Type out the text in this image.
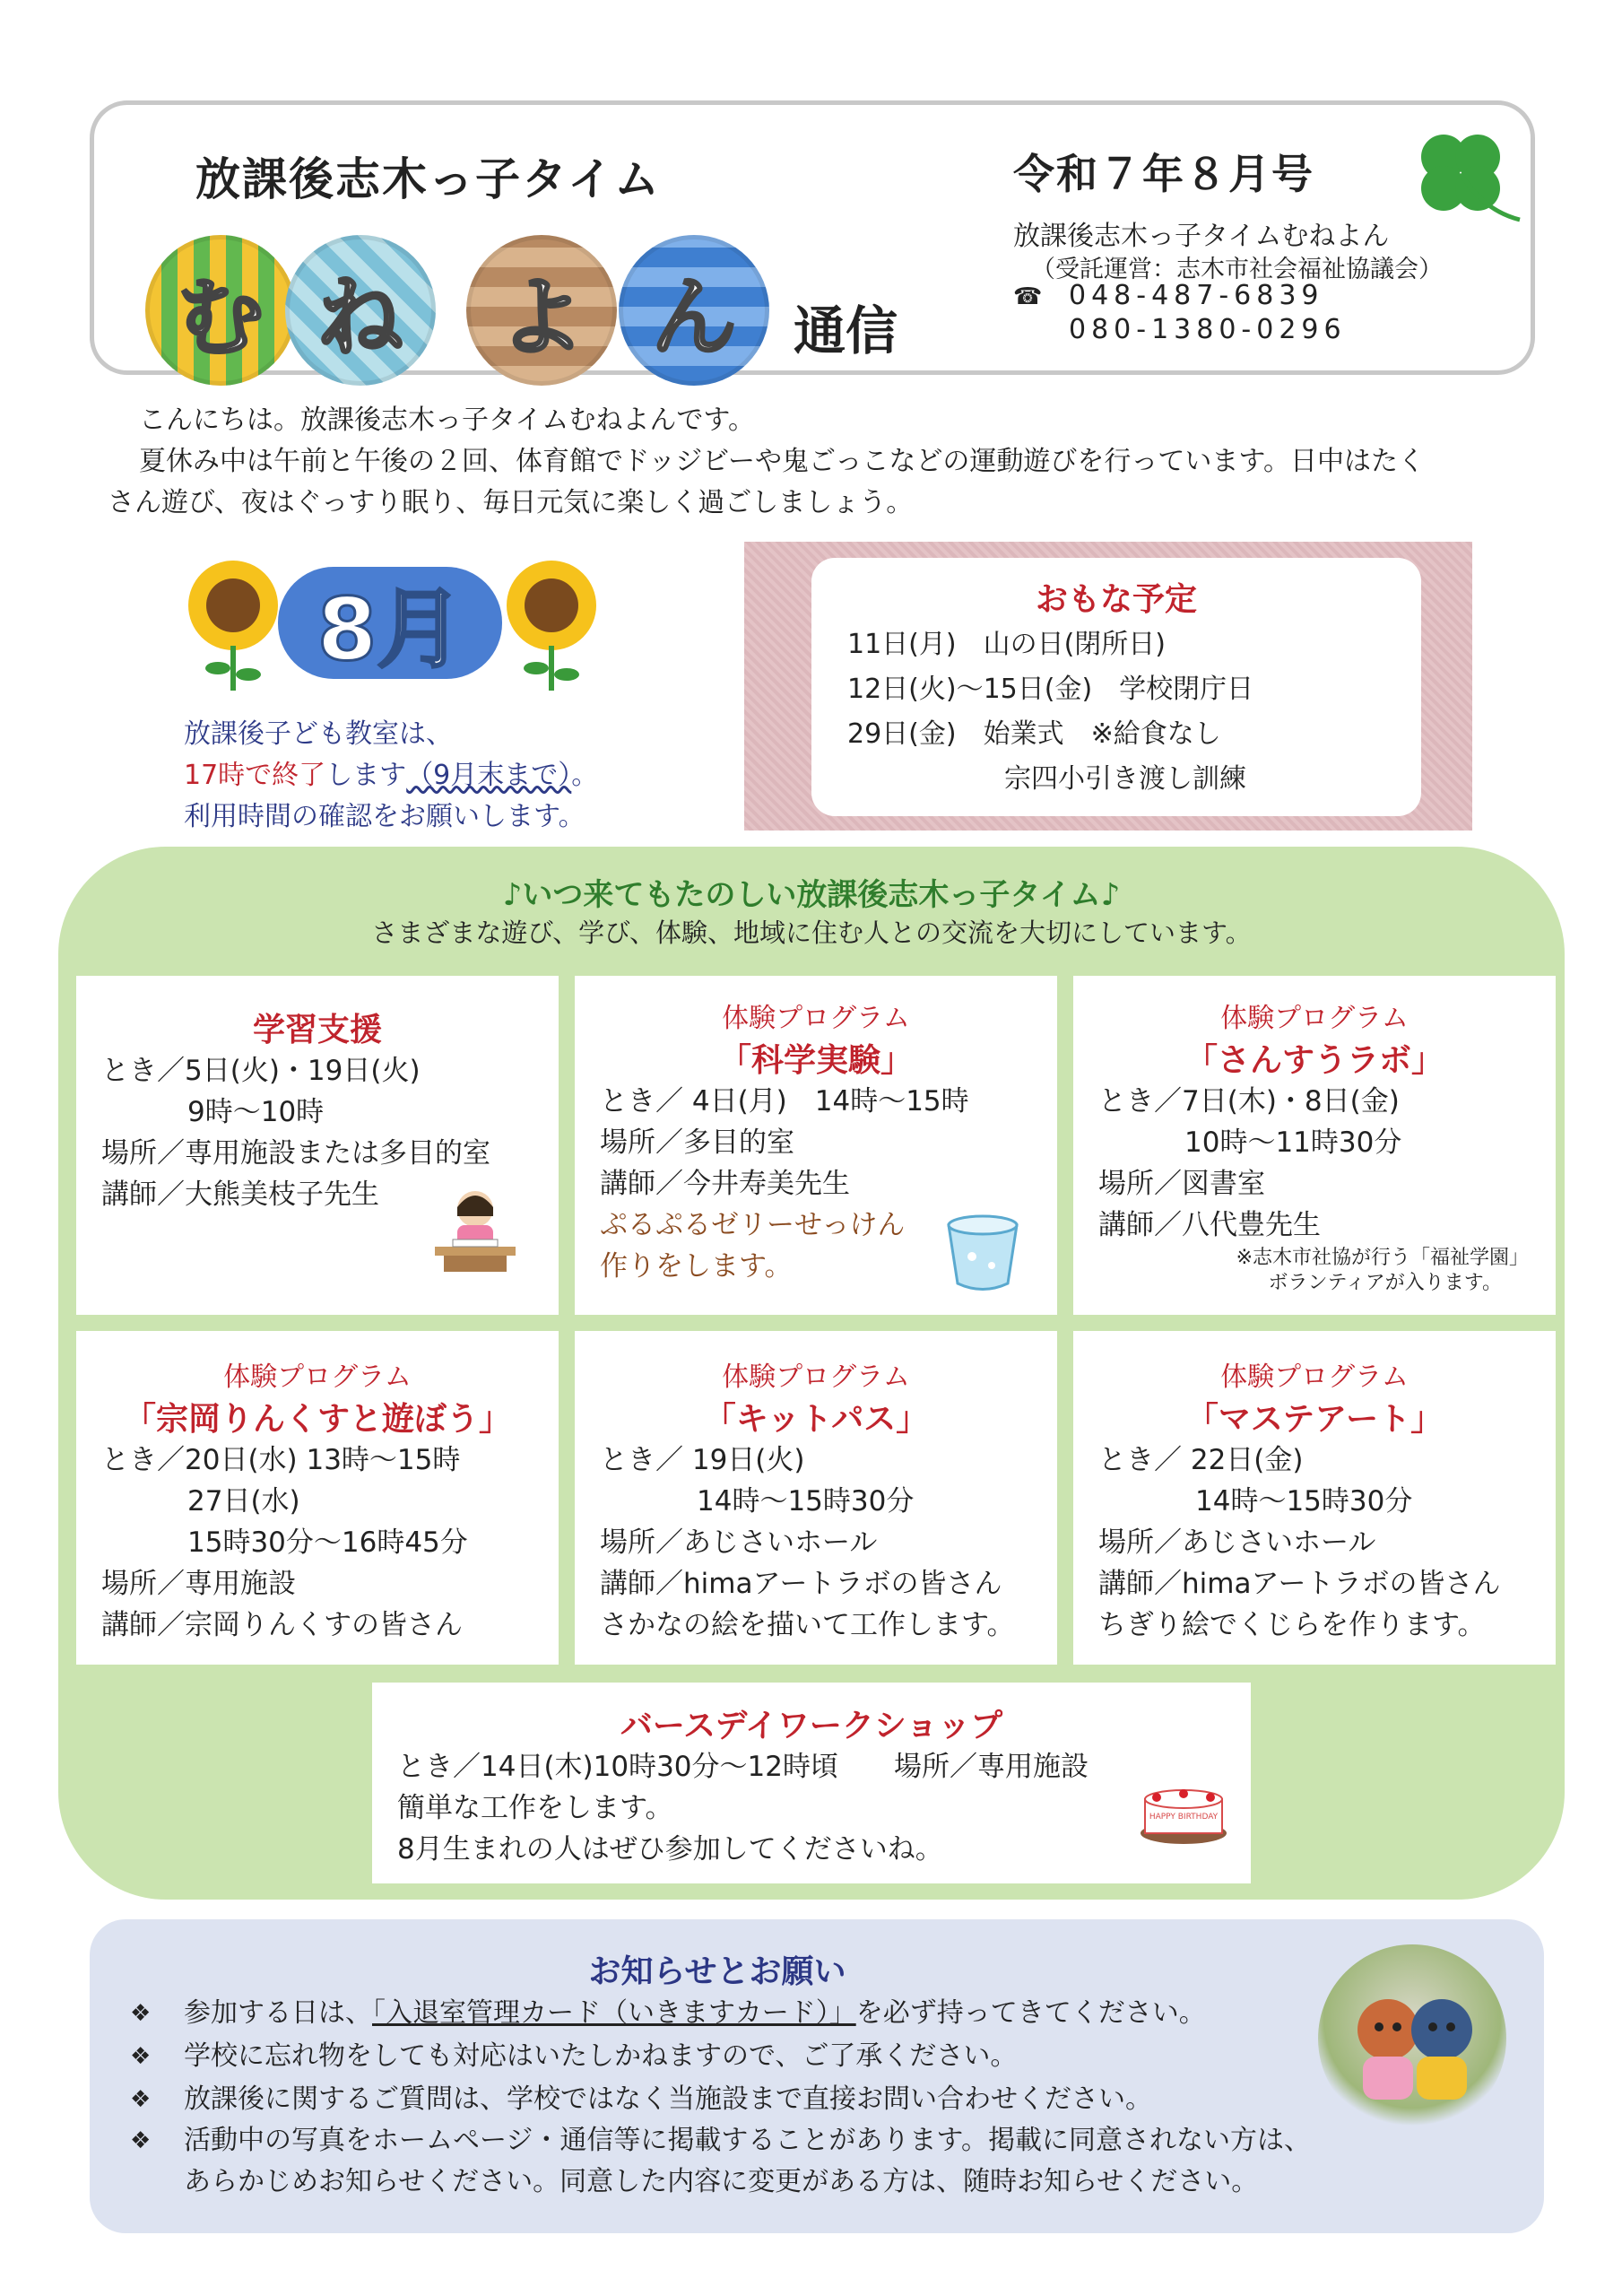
放課後志木っ子タイム
む ね	よ ん	通信
令和７年８月号
放課後志木っ子タイムむねよん
（受託運営：志木市社会福祉協議会）
☎ 048-487-6839
080-1380-0296
こんにちは。放課後志木っ子タイムむねよんです。
夏休み中は午前と午後の２回、体育館でドッジビーや鬼ごっこなどの運動遊びを行っています。日中はたく
さん遊び、夜はぐっすり眠り、毎日元気に楽しく過ごしましょう。
8月
放課後子ども教室は、
17時で終了します（9月末まで）。
利用時間の確認をお願いします。
おもな予定
11日(月)　山の日(閉所日)
12日(火)～15日(金)　学校閉庁日
29日(金)　始業式　※給食なし
宗四小引き渡し訓練
♪いつ来てもたのしい放課後志木っ子タイム♪
さまざまな遊び、学び、体験、地域に住む人との交流を大切にしています。
学習支援
とき／5日(火)・19日(火)
9時～10時
場所／専用施設または多目的室
講師／大熊美枝子先生
体験プログラム
「科学実験」
とき／ 4日(月)　14時～15時
場所／多目的室
講師／今井寿美先生
ぷるぷるゼリーせっけん
作りをします。
体験プログラム
「さんすうラボ」
とき／7日(木)・8日(金)
10時～11時30分
場所／図書室
講師／八代豊先生
※志木市社協が行う「福祉学園」
ボランティアが入ります。
体験プログラム
「宗岡りんくすと遊ぼう」
とき／20日(水) 13時～15時
27日(水)
15時30分～16時45分
場所／専用施設
講師／宗岡りんくすの皆さん
体験プログラム
「キットパス」
とき／ 19日(火)
14時～15時30分
場所／あじさいホール
講師／himaアートラボの皆さん
さかなの絵を描いて工作します。
体験プログラム
「マステアート」
とき／ 22日(金)
14時～15時30分
場所／あじさいホール
講師／himaアートラボの皆さん
ちぎり絵でくじらを作ります。
バースデイワークショップ
とき／14日(木)10時30分～12時頃　　場所／専用施設
簡単な工作をします。
8月生まれの人はぜひ参加してくださいね。
HAPPY BIRTHDAY
お知らせとお願い
❖ 参加する日は、「入退室管理カード（いきますカード）」を必ず持ってきてください。
❖ 学校に忘れ物をしても対応はいたしかねますので、ご了承ください。
❖ 放課後に関するご質問は、学校ではなく当施設まで直接お問い合わせください。
❖ 活動中の写真をホームページ・通信等に掲載することがあります。掲載に同意されない方は、
あらかじめお知らせください。同意した内容に変更がある方は、随時お知らせください。
